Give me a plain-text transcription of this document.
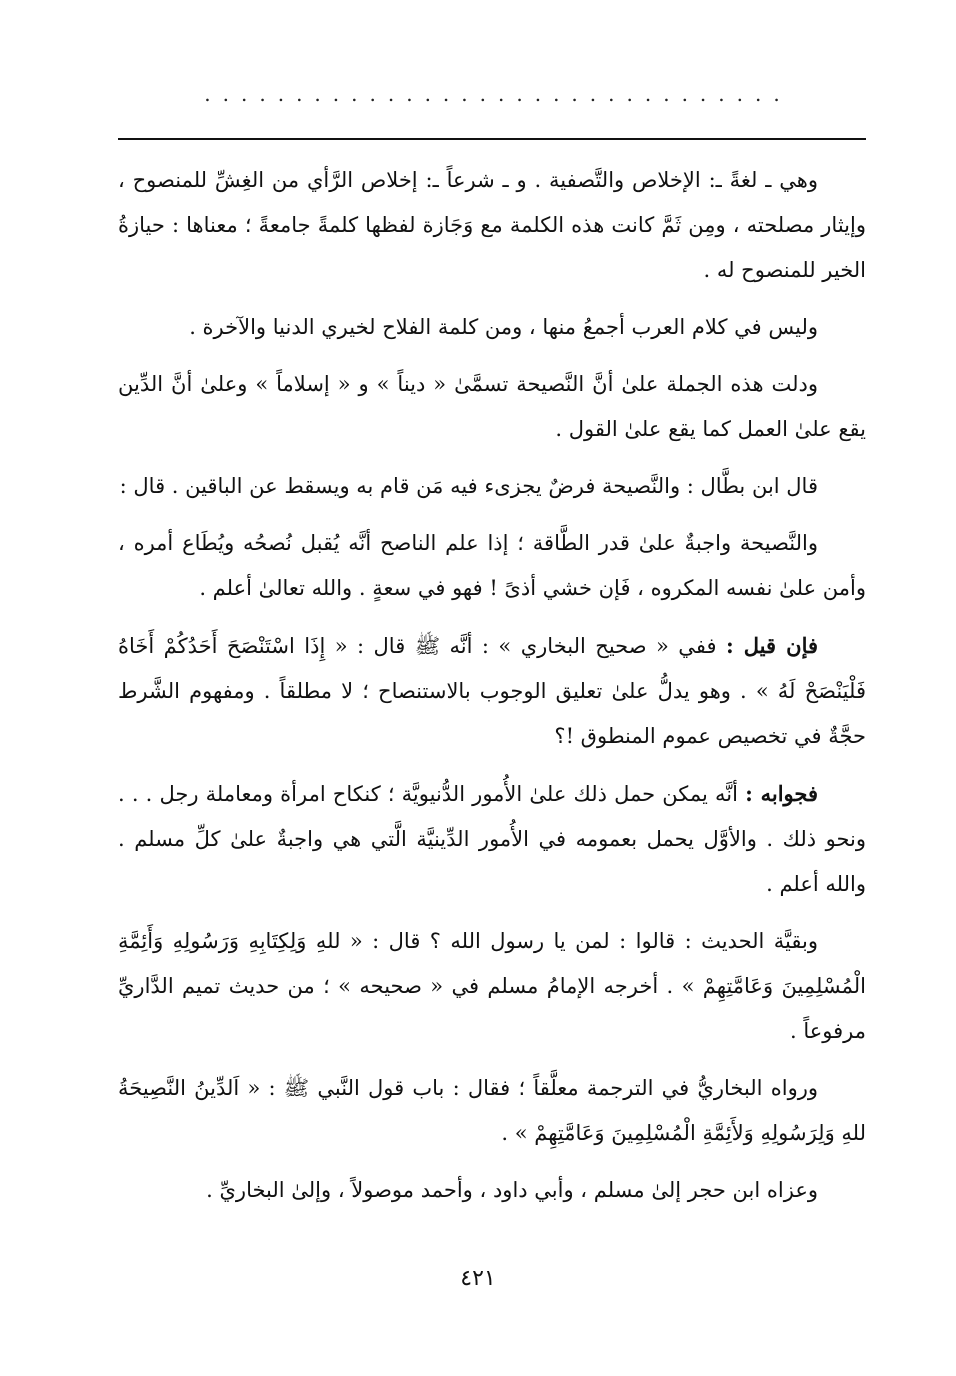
................................

وهي ـ لغةً ـ: الإخلاص والتَّصفية . و ـ شرعاً ـ: إخلاص الرَّأي من الغِشِّ للمنصوح ، وإيثار مصلحته ، ومِن ثَمَّ كانت هذه الكلمة مع وَجَازة لفظها كلمةً جامعةً ؛ معناها : حيازةُ الخير للمنصوح له .

وليس في كلام العرب أجمعُ منها ، ومن كلمة الفلاح لخيري الدنيا والآخرة .

ودلت هذه الجملة علىٰ أنَّ النَّصيحة تسمَّىٰ « ديناً » و « إسلاماً » وعلىٰ أنَّ الدِّين يقع علىٰ العمل كما يقع علىٰ القول .

قال ابن بطَّال : والنَّصيحة فرضٌ يجزىء فيه مَن قام به ويسقط عن الباقين . قال :

والنَّصيحة واجبةٌ علىٰ قدر الطَّاقة ؛ إذا علم الناصح أنَّه يُقبل نُصحُه ويُطَاع أمره ، وأمن علىٰ نفسه المكروه ، فَإن خشي أذىً ! فهو في سعةٍ . والله تعالىٰ أعلم .

فإن قيل : ففي « صحيح البخاري » : أنَّه ﷺ قال : « إِذَا اسْتَنْصَحَ أَحَدُكُمْ أَخَاهُ فَلْيَنْصَحْ لَهُ » . وهو يدلُّ علىٰ تعليق الوجوب بالاستنصاح ؛ لا مطلقاً . ومفهوم الشَّرط حجَّةٌ في تخصيص عموم المنطوق !؟

فجوابه : أنَّه يمكن حمل ذلك علىٰ الأُمور الدُّنيويَّة ؛ كنكاح امرأة ومعاملة رجل . . . ونحو ذلك . والأوَّل يحمل بعمومه في الأُمور الدِّينيَّة الَّتي هي واجبةٌ علىٰ كلِّ مسلم . والله أعلم .

وبقيَّة الحديث : قالوا : لمن يا رسول الله ؟ قال : « للهِ وَلِكِتَابِهِ وَرَسُولِهِ وَأَئِمَّةِ الْمُسْلِمِينَ وَعَامَّتِهِمْ » . أخرجه الإمامُ مسلم في « صحيحه » ؛ من حديث تميم الدَّاريِّ مرفوعاً .

ورواه البخاريُّ في الترجمة معلَّقاً ؛ فقال : باب قول النَّبي ﷺ : « اَلدِّينُ النَّصِيحَةُ للهِ وَلِرَسُولِهِ وَلأَئِمَّةِ الْمُسْلِمِينَ وَعَامَّتِهِمْ » .

وعزاه ابن حجر إلىٰ مسلم ، وأبي داود ، وأحمد موصولاً ، وإلىٰ البخاريِّ .

٤٢١
